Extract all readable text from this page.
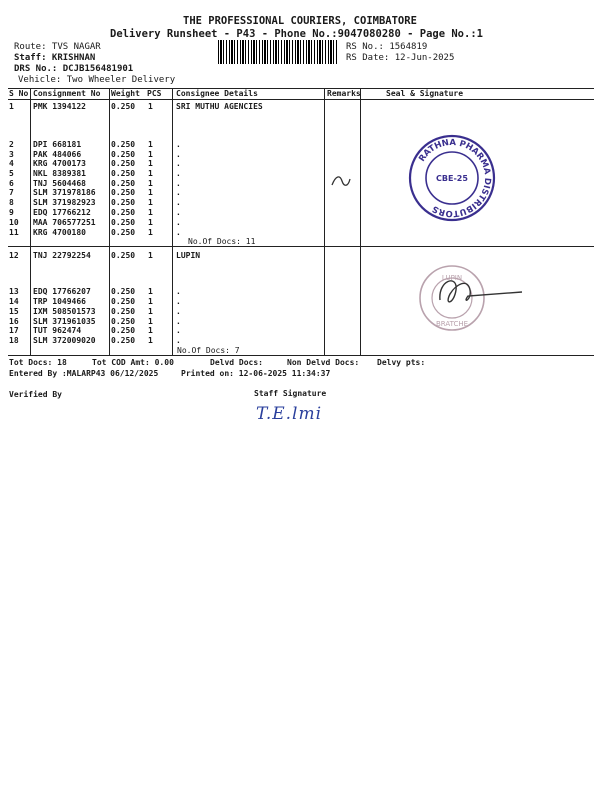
THE PROFESSIONAL COURIERS, COIMBATORE
Delivery Runsheet - P43 - Phone No.:9047080280 - Page No.:1
Route: TVS NAGAR
Staff: KRISHNAN
DRS No.: DCJB156481901
Vehicle: Two Wheeler Delivery
RS No.: 1564819
RS Date: 12-Jun-2025
S No Consignment No Weight PCS Consignee Details	Remarks	Seal & Signature
1 PMK 1394122	0.250 1	SRI MUTHU AGENCIES
2 DPI 668181	0.250 1	.
3 PAK 484066	0.250 1	.
4 KRG 4700173	0.250 1	.
5 NKL 8389381	0.250 1	.
6 TNJ 5604468	0.250 1	.
7 SLM 371978186 0.250 1	.
8 SLM 371982923 0.250 1	.
9 EDQ 17766212	0.250 1	.
10 MAA 706577251 0.250 1	.
11 KRG 4700180	0.250 1	.
No.Of Docs: 11
12 TNJ 22792254	0.250 1	LUPIN
13 EDQ 17766207	0.250 1	.
14 TRP 1049466	0.250 1	.
15 IXM 508501573 0.250 1	.
16 SLM 371961035 0.250 1	.
17 TUT 962474	0.250 1	.
18 SLM 372009020 0.250 1	.
No.Of Docs: 7
RATHNA PHARMA DISTRIBUTORS
CBE-25
LUPIN
BRATCHE
Tot Docs: 18	Tot COD Amt: 0.00	Delvd Docs:	Non Delvd Docs: Delvy pts:
Entered By :MALARP43 06/12/2025	Printed on: 12-06-2025 11:34:37
Verified By	Staff Signature
T.E.lmi
